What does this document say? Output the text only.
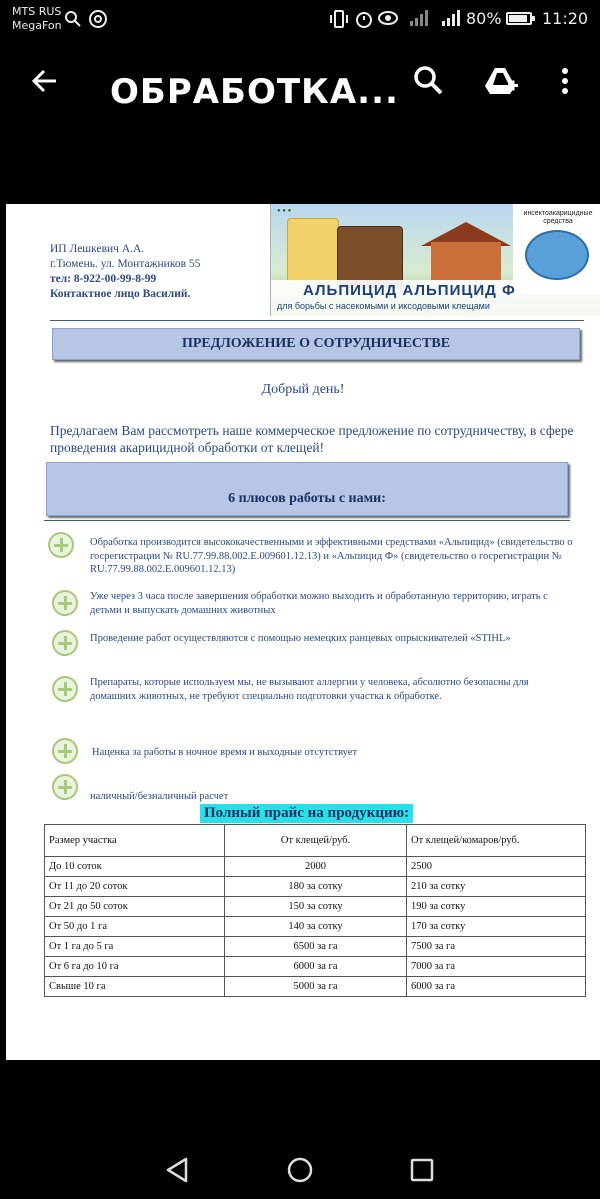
MTS RUS
MegaFon	80%	11:20
ОБРАБОТКА...
ИП Лешкевич А.А.
г.Тюмень. ул. Монтажников 55
тел: 8-922-00-99-8-99
Контактное лицо Василий.
● ● ●	инсектоакарицидные средства
АЛЬПИЦИД АЛЬПИЦИД Ф
для борьбы с насекомыми и иксодовыми клещами
ПРЕДЛОЖЕНИЕ О СОТРУДНИЧЕСТВЕ
Добрый день!
Предлагаем Вам рассмотреть наше коммерческое предложение по сотрудничеству, в сфере проведения акарицидной обработки от клещей!
6 плюсов работы с нами:
Обработка производится высококачественными и эффективными средствами «Альпицид» (свидетельство о госрегистрации № RU.77.99.88.002.E.009601.12.13) и «Альпицид Ф» (свидетельство о госрегистрации № RU.77.99.88.002.E.009601.12.13)
Уже через 3 часа после завершения обработки можно выходить и обработанную территорию, играть с детьми и выпускать домашних животных
Проведение работ осуществляются с помощью немецких ранцевых опрыскивателей «STIHL»
Препараты, которые используем мы, не вызывают аллергии у человека, абсолютно безопасны для домашних животных, не требуют специально подготовки участка к обработке.
Наценка за работы в ночное время и выходные отсутствует
наличный/безналичный расчет
Полный прайс на продукцию:
Размер участка	От клещей/руб.	От клещей/комаров/руб.
До 10 соток	2000	2500
От 11 до 20 соток	180 за сотку	210 за сотку
От 21 до 50 соток	150 за сотку	190 за сотку
От 50 до 1 га	140 за сотку	170 за сотку
От 1 га до 5 га	6500 за га	7500 за га
От 6 га до 10 га	6000 за га	7000 за га
Свыше 10 га	5000 за га	6000 за га
